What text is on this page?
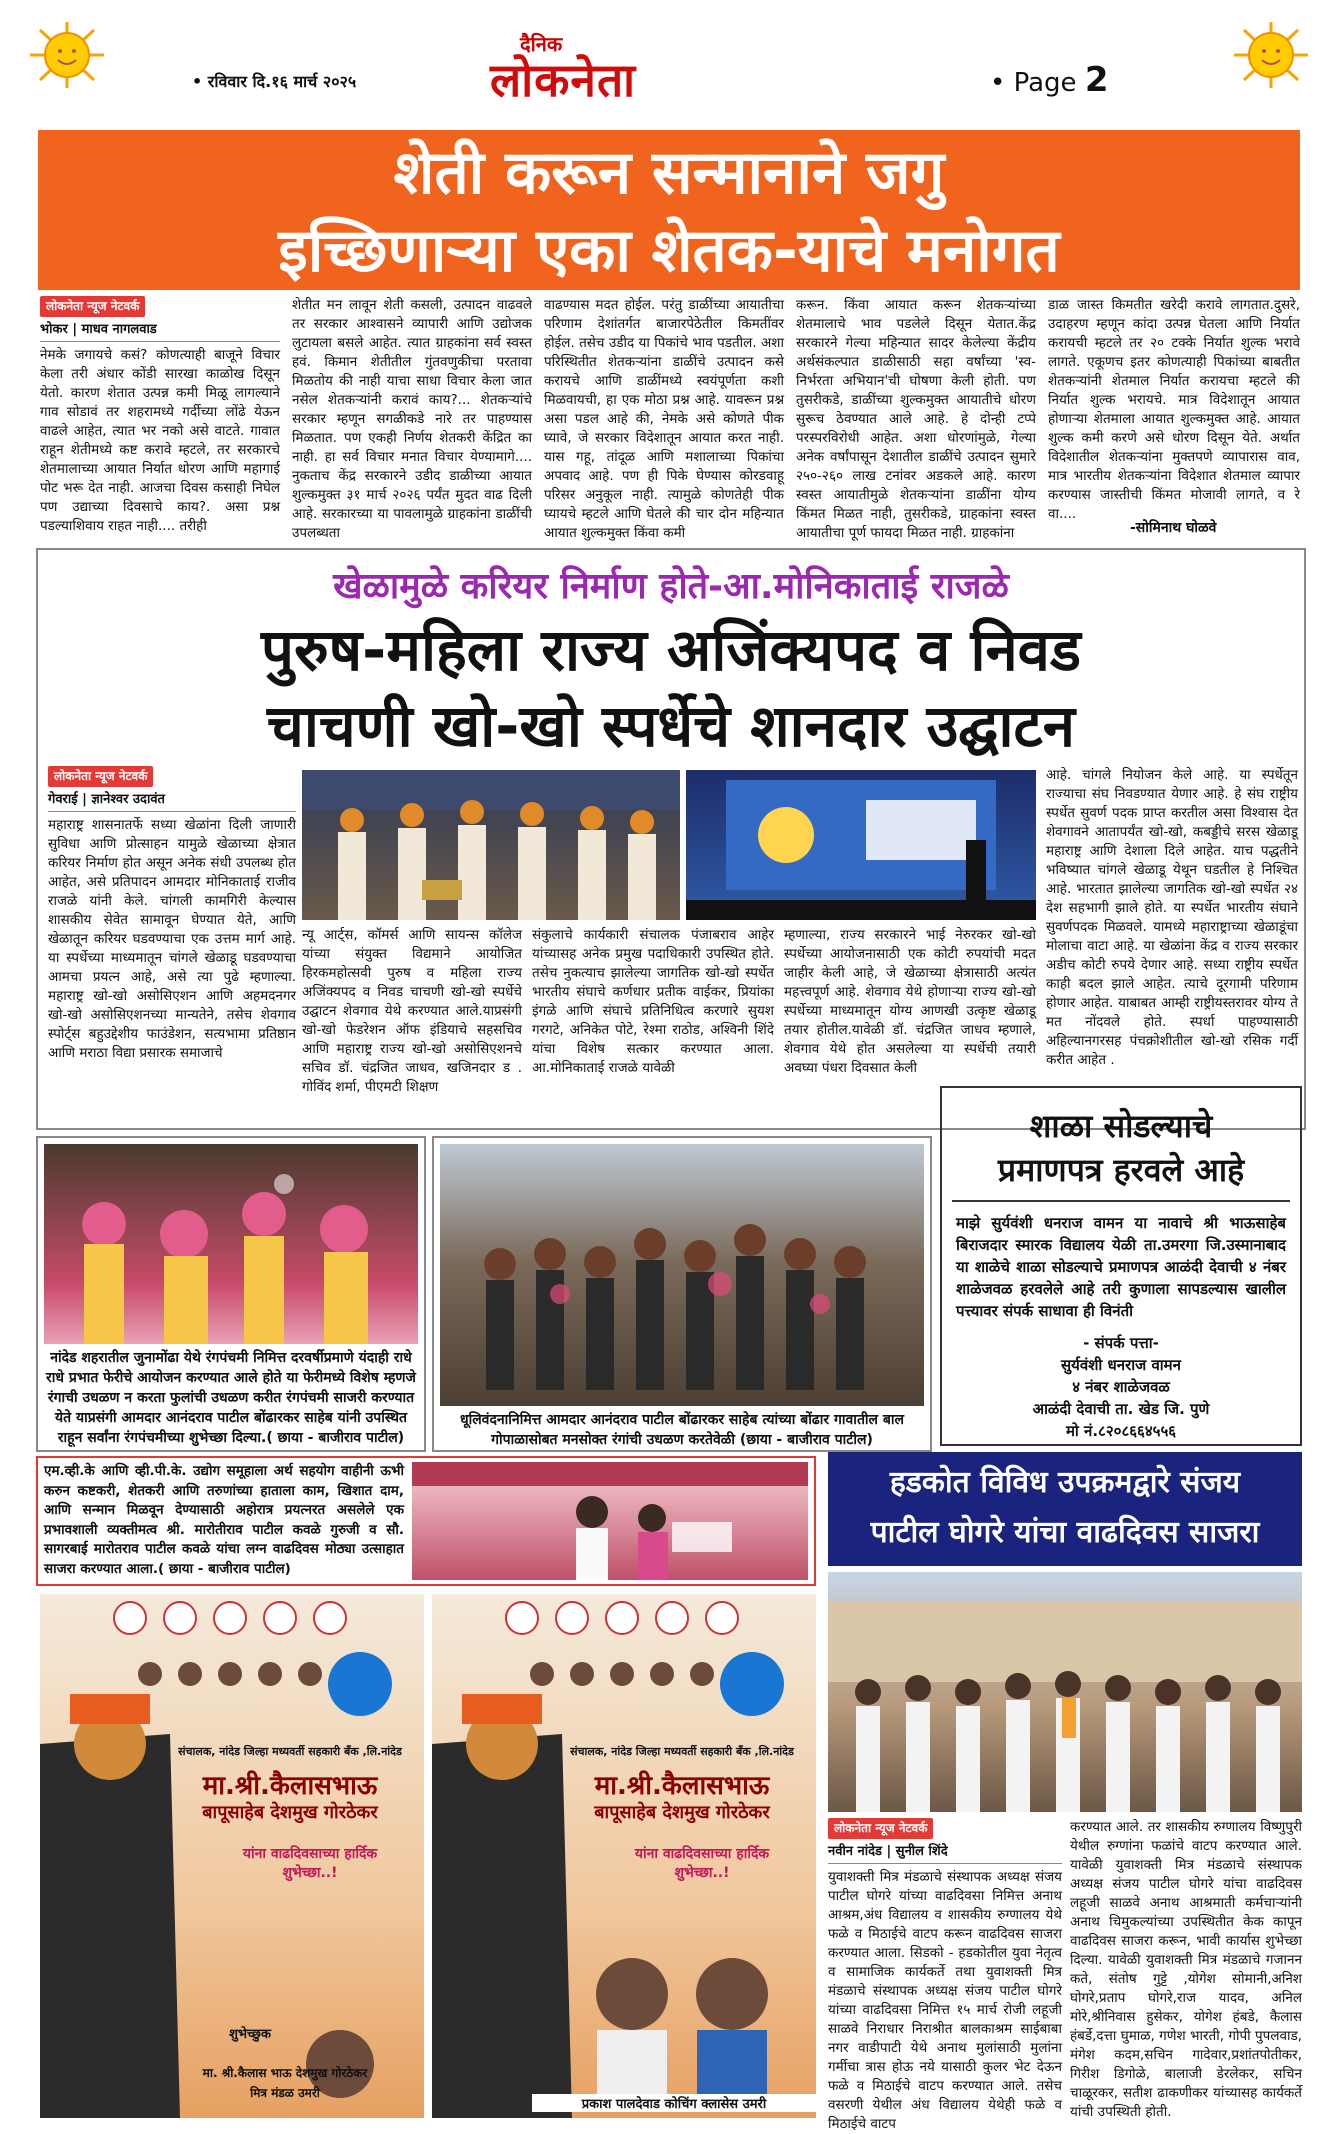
• रविवार दि.१६ मार्च २०२५
दैनिक
लोकनेता	• Page 2
शेती करून सन्मानाने जगु
इच्छिणाऱ्या एका शेतक-याचे मनोगत
लोकनेता न्यूज नेटवर्क
भोकर | माधव नागलवाड
नेमके जगायचे कसं? कोणत्याही बाजूने विचार केला तरी अंधार कोंडी सारखा काळोख दिसून येतो. कारण शेतात उत्पन्न कमी मिळू लागल्याने गाव सोडावं तर शहरामध्ये गर्दीच्या लोंढे येऊन वाढले आहेत, त्यात भर नको असे वाटते. गावात राहून शेतीमध्ये कष्ट करावे म्हटले, तर सरकारचे शेतमालाच्या आयात निर्यात धोरण आणि महागाई पोट भरू देत नाही. आजचा दिवस कसाही निघेल पण उद्याच्या दिवसाचे काय?. असा प्रश्न पडल्याशिवाय राहत नाही.... तरीही
शेतीत मन लावून शेती कसली, उत्पादन वाढवले तर सरकार आश्वासने व्यापारी आणि उद्योजक लुटायला बसले आहेत. त्यात ग्राहकांना सर्व स्वस्त हवं. किमान शेतीतील गुंतवणुकीचा परतावा मिळतोय की नाही याचा साधा विचार केला जात नसेल शेतकऱ्यांनी करावं काय?... शेतकऱ्यांचे सरकार म्हणून सगळीकडे नारे तर पाहण्यास मिळतात. पण एकही निर्णय शेतकरी केंद्रित का नाही. हा सर्व विचार मनात विचार येण्यामागे.... नुकताच केंद्र सरकारने उडीद डाळीच्या आयात शुल्कमुक्त ३१ मार्च २०२६ पर्यंत मुदत वाढ दिली आहे. सरकारच्या या पावलामुळे ग्राहकांना डाळींची उपलब्धता
वाढण्यास मदत होईल. परंतु डाळींच्या आयातीचा परिणाम देशांतर्गत बाजारपेठेतील किमतींवर होईल. तसेच उडीद या पिकांचे भाव पडतील. अशा परिस्थितीत शेतकऱ्यांना डाळींचे उत्पादन कसे करायचे आणि डाळींमध्ये स्वयंपूर्णता कशी मिळवायची, हा एक मोठा प्रश्न आहे. यावरून प्रश्न असा पडल आहे की, नेमके असे कोणते पीक घ्यावे, जे सरकार विदेशातून आयात करत नाही. यास गहू, तांदूळ आणि मशालाच्या पिकांचा अपवाद आहे. पण ही पिके घेण्यास कोरडवाहू परिसर अनुकूल नाही. त्यामुळे कोणतेही पीक घ्यायचे म्हटले आणि घेतले की चार दोन महिन्यात आयात शुल्कमुक्त किंवा कमी
करून. किंवा आयात करून शेतकऱ्यांच्या शेतमालाचे भाव पडलेले दिसून येतात.केंद्र सरकारने गेल्या महिन्यात सादर केलेल्या केंद्रीय अर्थसंकल्पात डाळीसाठी सहा वर्षांच्या 'स्व-निर्भरता अभियान'ची घोषणा केली होती. पण तुसरीकडे, डाळींच्या शुल्कमुक्त आयातीचे धोरण सुरूच ठेवण्यात आले आहे. हे दोन्ही टप्पे परस्परविरोधी आहेत. अशा धोरणांमुळे, गेल्या अनेक वर्षांपासून देशातील डाळींचे उत्पादन सुमारे २५०-२६० लाख टनांवर अडकले आहे. कारण स्वस्त आयातीमुळे शेतकऱ्यांना डाळींना योग्य किंमत मिळत नाही, तुसरीकडे, ग्राहकांना स्वस्त आयातीचा पूर्ण फायदा मिळत नाही. ग्राहकांना
डाळ जास्त किमतीत खरेदी करावे लागतात.दुसरे, उदाहरण म्हणून कांदा उत्पन्न घेतला आणि निर्यात करायची म्हटले तर २० टक्के निर्यात शुल्क भरावे लागते. एकूणच इतर कोणत्याही पिकांच्या बाबतीत शेतकऱ्यांनी शेतमाल निर्यात करायचा म्हटले की निर्यात शुल्क भरायचे. मात्र विदेशातून आयात होणाऱ्या शेतमाला आयात शुल्कमुक्त आहे. आयात शुल्क कमी करणे असे धोरण दिसून येते. अर्थात विदेशातील शेतकऱ्यांना मुक्तपणे व्यापारास वाव, मात्र भारतीय शेतकऱ्यांना विदेशात शेतमाल व्यापार करण्यास जास्तीची किंमत मोजावी लागते, व रे वा....
-सोमिनाथ घोळवे
खेळामुळे करियर निर्माण होते-आ.मोनिकाताई राजळे
पुरुष-महिला राज्य अजिंक्यपद व निवड
चाचणी खो-खो स्पर्धेचे शानदार उद्घाटन
लोकनेता न्यूज नेटवर्क
गेवराई | ज्ञानेश्वर उदावंत
महाराष्ट्र शासनातर्फे सध्या खेळांना दिली जाणारी सुविधा आणि प्रोत्साहन यामुळे खेळाच्या क्षेत्रात करियर निर्माण होत असून अनेक संधी उपलब्ध होत आहेत, असे प्रतिपादन आमदार मोनिकाताई राजीव राजळे यांनी केले. चांगली कामगिरी केल्यास शासकीय सेवेत सामावून घेण्यात येते, आणि खेळातून करियर घडवण्याचा एक उत्तम मार्ग आहे. या स्पर्धेच्या माध्यमातून चांगले खेळाडू घडवण्याचा आमचा प्रयत्न आहे, असे त्या पुढे म्हणाल्या. महाराष्ट्र खो-खो असोसिएशन आणि अहमदनगर खो-खो असोसिएशनच्या मान्यतेने, तसेच शेवगाव स्पोर्ट्स बहुउद्देशीय फाउंडेशन, सत्यभामा प्रतिष्ठान आणि मराठा विद्या प्रसारक समाजाचे
न्यू आर्ट्स, कॉमर्स आणि सायन्स कॉलेज यांच्या संयुक्त विद्यमाने आयोजित हिरकमहोत्सवी पुरुष व महिला राज्य अजिंक्यपद व निवड चाचणी खो-खो स्पर्धेचे उद्घाटन शेवगाव येथे करण्यात आले.याप्रसंगी खो-खो फेडरेशन ऑफ इंडियाचे सहसचिव आणि महाराष्ट्र राज्य खो-खो असोसिएशनचे सचिव डॉ. चंद्रजित जाधव, खजिनदार ड . गोविंद शर्मा, पीएमटी शिक्षण
संकुलाचे कार्यकारी संचालक पंजाबराव आहेर यांच्यासह अनेक प्रमुख पदाधिकारी उपस्थित होते. तसेच नुकत्याच झालेल्या जागतिक खो-खो स्पर्धेत भारतीय संघाचे कर्णधार प्रतीक वाईकर, प्रियांका इंगळे आणि संघाचे प्रतिनिधित्व करणारे सुयश गरगटे, अनिकेत पोटे, रेश्मा राठोड, अश्विनी शिंदे यांचा विशेष सत्कार करण्यात आला. आ.मोनिकाताई राजळे यावेळी
म्हणाल्या, राज्य सरकारने भाई नेरुरकर खो-खो स्पर्धेच्या आयोजनासाठी एक कोटी रुपयांची मदत जाहीर केली आहे, जे खेळाच्या क्षेत्रासाठी अत्यंत महत्त्वपूर्ण आहे. शेवगाव येथे होणाऱ्या राज्य खो-खो स्पर्धेच्या माध्यमातून योग्य आणखी उत्कृष्ट खेळाडू तयार होतील.यावेळी डॉ. चंद्रजित जाधव म्हणाले, शेवगाव येथे होत असलेल्या या स्पर्धेची तयारी अवघ्या पंधरा दिवसात केली
आहे. चांगले नियोजन केले आहे. या स्पर्धेतून राज्याचा संघ निवडण्यात येणार आहे. हे संघ राष्ट्रीय स्पर्धेत सुवर्ण पदक प्राप्त करतील असा विश्वास देत शेवगावने आतापर्यंत खो-खो, कबड्डीचे सरस खेळाडू महाराष्ट्र आणि देशाला दिले आहेत. याच पद्धतीने भविष्यात चांगले खेळाडू येथून घडतील हे निश्चित आहे. भारतात झालेल्या जागतिक खो-खो स्पर्धेत २४ देश सहभागी झाले होते. या स्पर्धेत भारतीय संघाने सुवर्णपदक मिळवले. यामध्ये महाराष्ट्राच्या खेळाडूंचा मोलाचा वाटा आहे. या खेळांना केंद्र व राज्य सरकार अडीच कोटी रुपये देणार आहे. सध्या राष्ट्रीय स्पर्धेत काही बदल झाले आहेत. त्याचे दूरगामी परिणाम होणार आहेत. याबाबत आम्ही राष्ट्रीयस्तरावर योग्य ते मत नोंदवले होते. स्पर्धा पाहण्यासाठी अहिल्यानगरसह पंचक्रोशीतील खो-खो रसिक गर्दी करीत आहेत .
नांदेड शहरातील जुनामोंढा येथे रंगपंचमी निमित्त दरवर्षीप्रमाणे यंदाही राधे राधे प्रभात फेरीचे आयोजन करण्यात आले होते या फेरीमध्ये विशेष म्हणजे रंगाची उधळण न करता फुलांची उधळण करीत रंगपंचमी साजरी करण्यात येते याप्रसंगी आमदार आनंदराव पाटील बोंढारकर साहेब यांनी उपस्थित राहून सर्वांना रंगपंचमीच्या शुभेच्छा दिल्या.( छाया - बाजीराव पाटील)
धूलिवंदनानिमित्त आमदार आनंदराव पाटील बोंढारकर साहेब त्यांच्या बोंढार गावातील बाल गोपाळासोबत मनसोक्त रंगांची उधळण करतेवेळी (छाया - बाजीराव पाटील)
शाळा सोडल्याचे
प्रमाणपत्र हरवले आहे
माझे सुर्यवंशी धनराज वामन या नावाचे श्री भाऊसाहेब बिराजदार स्मारक विद्यालय येळी ता.उमरगा जि.उस्मानाबाद या शाळेचे शाळा सोडल्याचे प्रमाणपत्र आळंदी देवाची ४ नंबर शाळेजवळ हरवलेले आहे तरी कुणाला सापडल्यास खालील पत्त्यावर संपर्क साधावा ही विनंती
- संपर्क पत्ता-
सुर्यवंशी धनराज वामन
४ नंबर शाळेजवळ
आळंदी देवाची ता. खेड जि. पुणे
मो नं.८२०८६६४५५६
एम.व्ही.के आणि व्ही.पी.के. उद्योग समूहाला अर्थ सहयोग वाहीनी ऊभी करुन कष्टकरी, शेतकरी आणि तरुणांच्या हाताला काम, खिशात दाम, आणि सन्मान मिळवून देण्यासाठी अहोरात्र प्रयत्नरत असलेले एक प्रभावशाली व्यक्तीमत्व श्री. मारोतीराव पाटील कवळे गुरुजी व सौ. सागरबाई मारोतराव पाटील कवळे यांचा लग्न वाढदिवस मोठ्या उत्साहात साजरा करण्यात आला.( छाया - बाजीराव पाटील)
हडकोत विविध उपक्रमद्वारे संजय
पाटील घोगरे यांचा वाढदिवस साजरा
लोकनेता न्यूज नेटवर्क
नवीन नांदेड | सुनील शिंदे
युवाशक्ती मित्र मंडळाचे संस्थापक अध्यक्ष संजय पाटील घोगरे यांच्या वाढदिवसा निमित्त अनाथ आश्रम,अंध विद्यालय व शासकीय रुग्णालय येथे फळे व मिठाईचे वाटप करून वाढदिवस साजरा करण्यात आला. सिडको - हडकोतील युवा नेतृत्व व सामाजिक कार्यकर्ते तथा युवाशक्ती मित्र मंडळाचे संस्थापक अध्यक्ष संजय पाटील घोगरे यांच्या वाढदिवसा निमित्त १५ मार्च रोजी लहूजी साळवे निराधार निराश्रीत बालकाश्रम साईबाबा नगर वाडीपाटी येथे अनाथ मुलांसाठी मुलांना गर्मीचा त्रास होऊ नये यासाठी कुलर भेट देऊन फळे व मिठाईचे वाटप करण्यात आले. तसेच वसरणी येथील अंध विद्यालय येथेही फळे व मिठाईचे वाटप
करण्यात आले. तर शासकीय रुग्णालय विष्णुपुरी येथील रुग्णांना फळांचे वाटप करण्यात आले. यावेळी युवाशक्ती मित्र मंडळाचे संस्थापक अध्यक्ष संजय पाटील घोगरे यांचा वाढदिवस लहूजी साळवे अनाथ आश्रमाती कर्मचाऱ्यांनी अनाथ चिमुकल्यांच्या उपस्थितीत केक कापून वाढदिवस साजरा करून, भावी कार्यास शुभेच्छा दिल्या. यावेळी युवाशक्ती मित्र मंडळाचे गजानन कते, संतोष गुट्टे ,योगेश सोमानी,अनिश घोगरे,प्रताप घोगरे,राज यादव, अनिल मोरे,श्रीनिवास हुसेकर, योगेश हंबडे, कैलास हंबर्डे,दत्ता घुमाळ, गणेश भारती, गोपी पुपलवाड, मंगेश कदम,सचिन गादेवार,प्रशांतपोतीकर, गिरीश डिगोळे, बालाजी डेरलेकर, सचिन चाळूरकर, सतीश ढाकणीकर यांच्यासह कार्यकर्ते यांची उपस्थिती होती.
संचालक, नांदेड जिल्हा मध्यवर्ती सहकारी बँक ,लि.नांदेड
मा.श्री.कैलासभाऊ
बापूसाहेब देशमुख गोरठेकर
यांना वाढदिवसाच्या हार्दिक शुभेच्छा..!
शुभेच्छुक
मा. श्री.कैलास भाऊ देशमुख गोरठेकर
मित्र मंडळ उमरी
संचालक, नांदेड जिल्हा मध्यवर्ती सहकारी बँक ,लि.नांदेड
मा.श्री.कैलासभाऊ
बापूसाहेब देशमुख गोरठेकर
यांना वाढदिवसाच्या हार्दिक शुभेच्छा..!
प्रकाश पालदेवाड कोचिंग क्लासेस उमरी
